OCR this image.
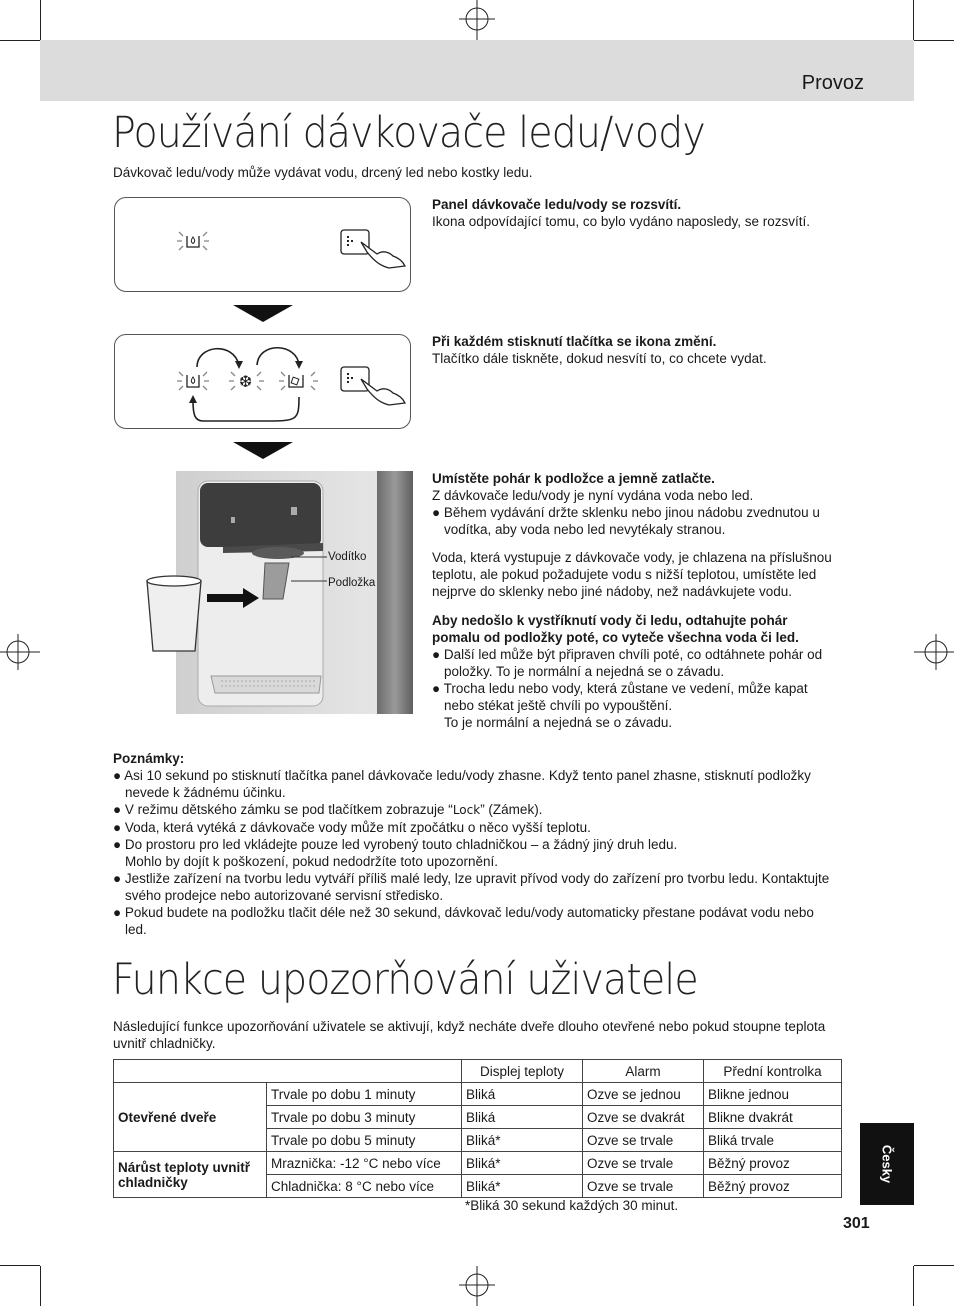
Provoz
Používání dávkovače ledu/vody
Dávkovač ledu/vody může vydávat vodu, drcený led nebo kostky ledu.
Panel dávkovače ledu/vody se rozsvítí.
Ikona odpovídající tomu, co bylo vydáno naposledy, se rozsvítí.
❆
Při každém stisknutí tlačítka se ikona změní.
Tlačítko dále tiskněte, dokud nesvítí to, co chcete vydat.
Vodítko
Podložka
Umístěte pohár k podložce a jemně zatlačte.
Z dávkovače ledu/vody je nyní vydána voda nebo led.
● Během vydávání držte sklenku nebo jinou nádobu zvednutou u vodítka, aby voda nebo led nevytékaly stranou.
Voda, která vystupuje z dávkovače vody, je chlazena na příslušnou teplotu, ale pokud požadujete vodu s nižší teplotou, umístěte led nejprve do sklenky nebo jiné nádoby, než nadávkujete vodu.
Aby nedošlo k vystříknutí vody či ledu, odtahujte pohár pomalu od podložky poté, co vyteče všechna voda či led.
● Další led může být připraven chvíli poté, co odtáhnete pohár od položky. To je normální a nejedná se o závadu.
● Trocha ledu nebo vody, která zůstane ve vedení, může kapat nebo stékat ještě chvíli po vypouštění.
To je normální a nejedná se o závadu.

Poznámky:

● Asi 10 sekund po stisknutí tlačítka panel dávkovače ledu/vody zhasne. Když tento panel zhasne, stisknutí podložky nevede k žádnému účinku.

● V režimu dětského zámku se pod tlačítkem zobrazuje “Lock” (Zámek).

● Voda, která vytéká z dávkovače vody může mít zpočátku o něco vyšší teplotu.

● Do prostoru pro led vkládejte pouze led vyrobený touto chladničkou – a žádný jiný druh ledu.

Mohlo by dojít k poškození, pokud nedodržíte toto upozornění.

● Jestliže zařízení na tvorbu ledu vytváří příliš malé ledy, lze upravit přívod vody do zařízení pro tvorbu ledu. Kontaktujte svého prodejce nebo autorizované servisní středisko.

● Pokud budete na podložku tlačit déle než 30 sekund, dávkovač ledu/vody automaticky přestane podávat vodu nebo led.

Funkce upozorňování uživatele
Následující funkce upozorňování uživatele se aktivují, když necháte dveře dlouho otevřené nebo pokud stoupne teplota uvnitř chladničky.
		Displej teploty	Alarm	Přední kontrolka
Otevřené dveře	Trvale po dobu 1 minuty	Bliká	Ozve se jednou	Blikne jednou
	Trvale po dobu 3 minuty	Bliká	Ozve se dvakrát	Blikne dvakrát
	Trvale po dobu 5 minuty	Bliká*	Ozve se trvale	Bliká trvale
Nárůst teploty uvnitř chladničky	Mraznička: -12 °C nebo více	Bliká*	Ozve se trvale	Běžný provoz
	Chladnička: 8 °C nebo více	Bliká*	Ozve se trvale	Běžný provoz
*Bliká 30 sekund každých 30 minut.
Česky
301
